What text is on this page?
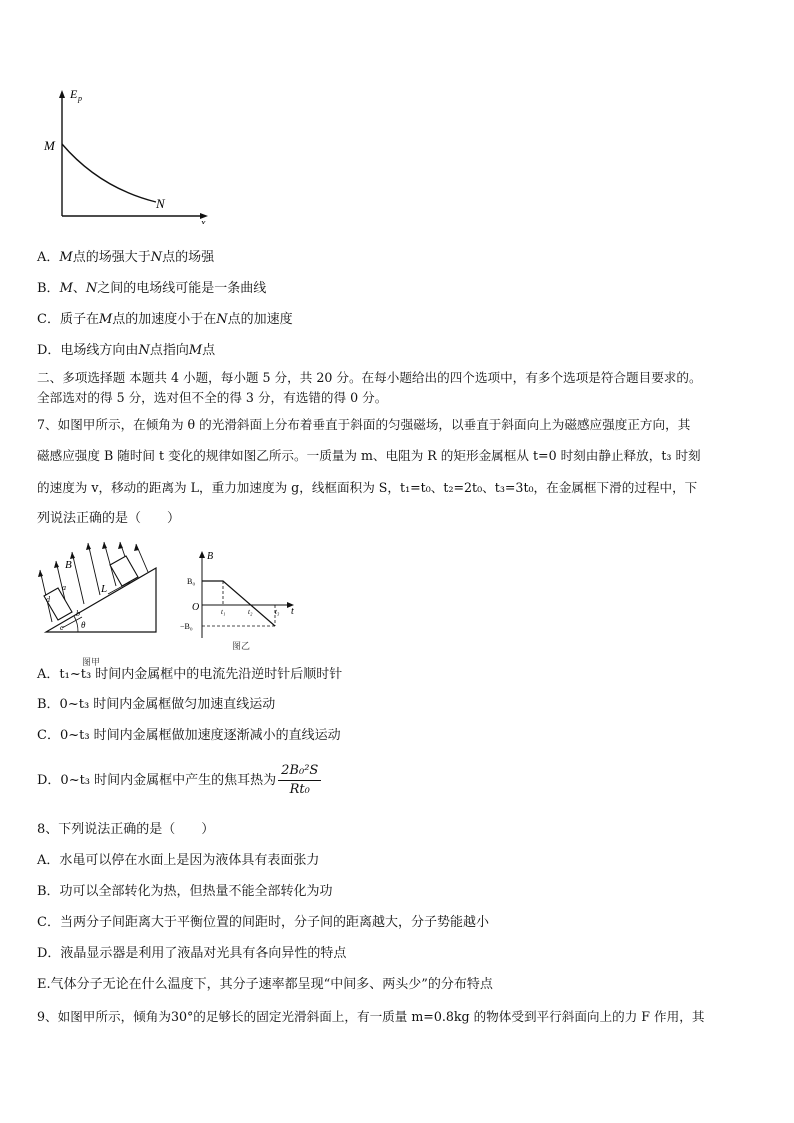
E p
x
M
N
A．M点的场强大于N点的场强
B．M、N之间的电场线可能是一条曲线
C．质子在M点的加速度小于在N点的加速度
D．电场线方向由N点指向M点
二、多项选择题 本题共 4 小题，每小题 5 分，共 20 分。在每小题给出的四个选项中，有多个选项是符合题目要求的。
全部选对的得 5 分，选对但不全的得 3 分，有选错的得 0 分。
7、如图甲所示，在倾角为 θ 的光滑斜面上分布着垂直于斜面的匀强磁场，以垂直于斜面向上为磁感应强度正方向，其
磁感应强度 B 随时间 t 变化的规律如图乙所示。一质量为 m、电阻为 R 的矩形金属框从 t=0 时刻由静止释放，t₃ 时刻
的速度为 v，移动的距离为 L，重力加速度为 g，线框面积为 S，t₁=t₀、t₂=2t₀、t₃=3t₀，在金属框下滑的过程中，下
列说法正确的是（　　）
θ
B
L
d
a
b
c
图甲
B
t
O
B₀
−B₀
t₁	t₂	t₃
图乙
A．t₁~t₃ 时间内金属框中的电流先沿逆时针后顺时针
B．0~t₃ 时间内金属框做匀加速直线运动
C．0~t₃ 时间内金属框做加速度逐渐减小的直线运动
D．0~t₃ 时间内金属框中产生的焦耳热为 $\frac{\text{2B₀²S}}{\text{Rt₀}}$
8、下列说法正确的是（　　）
A．水黾可以停在水面上是因为液体具有表面张力
B．功可以全部转化为热，但热量不能全部转化为功
C．当两分子间距离大于平衡位置的间距时，分子间的距离越大，分子势能越小
D．液晶显示器是利用了液晶对光具有各向异性的特点
E.气体分子无论在什么温度下，其分子速率都呈现“中间多、两头少”的分布特点
9、如图甲所示，倾角为30°的足够长的固定光滑斜面上，有一质量 m=0.8kg 的物体受到平行斜面向上的力 F 作用，其
